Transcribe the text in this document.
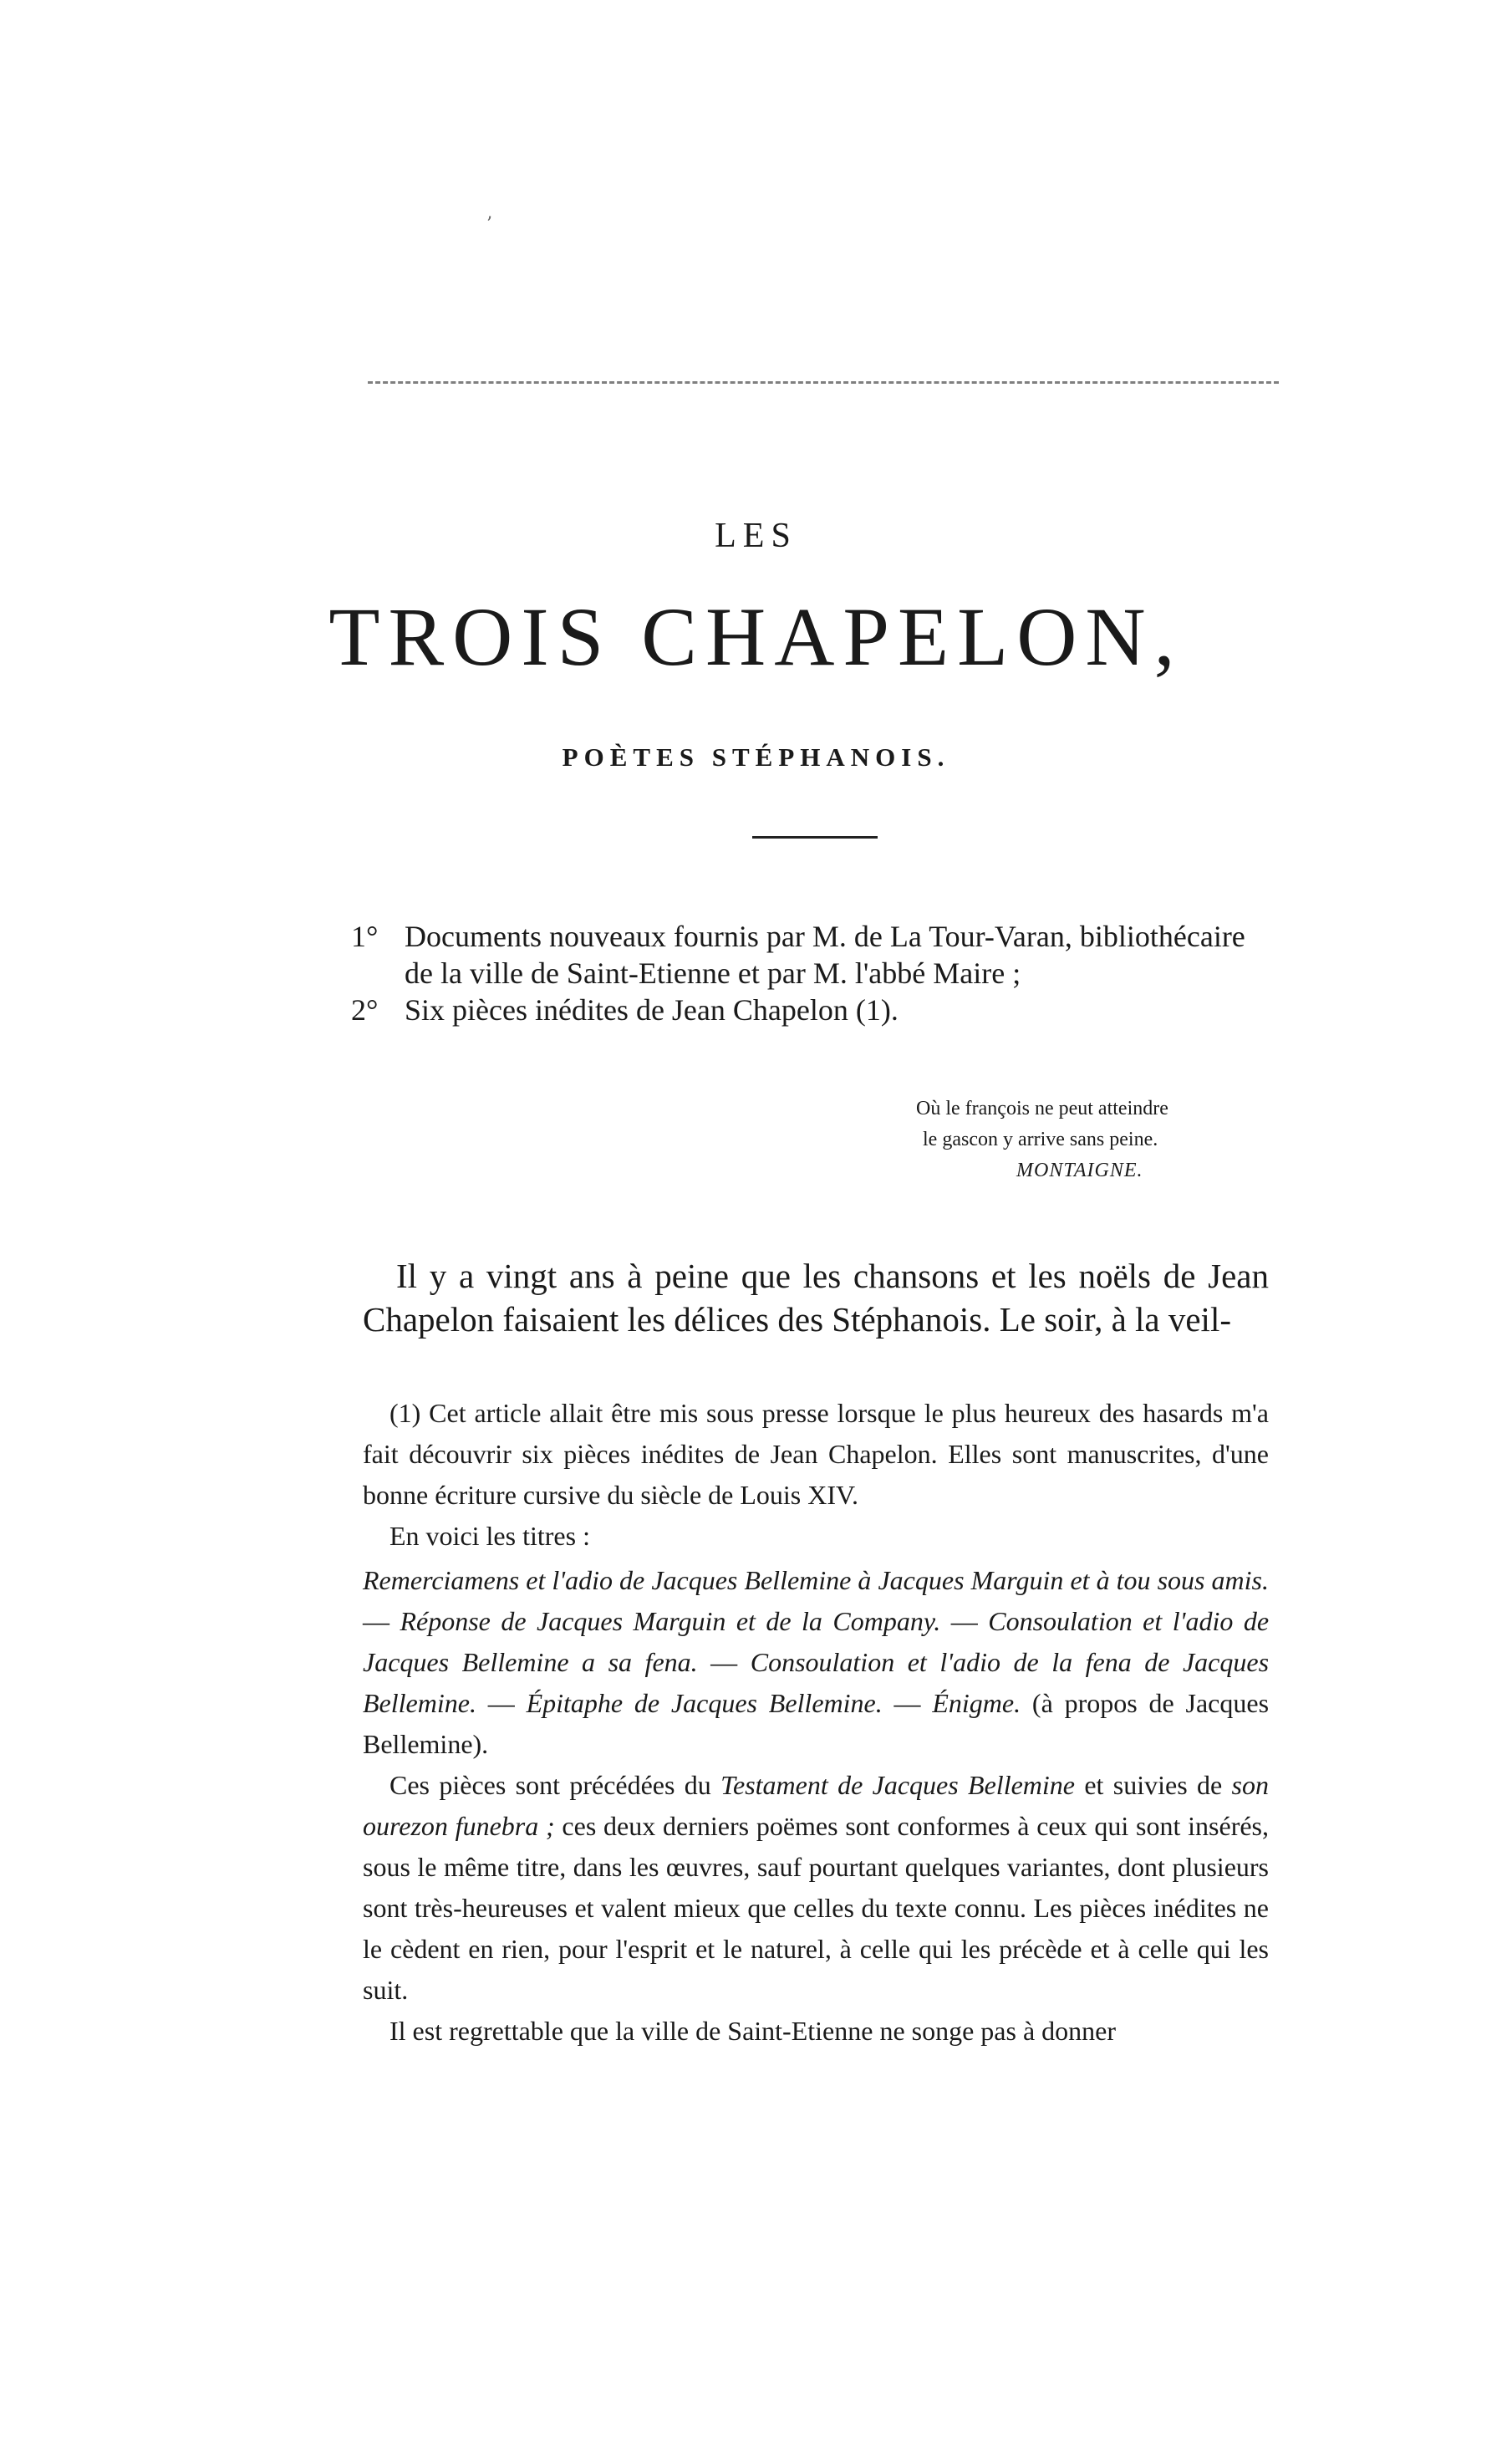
’
LES
TROIS CHAPELON,
POÈTES STÉPHANOIS.
1° Documents nouveaux fournis par M. de La Tour-Varan, bibliothécaire de la ville de Saint-Etienne et par M. l'abbé Maire ;
2° Six pièces inédites de Jean Chapelon (1).
Où le françois ne peut atteindre
le gascon y arrive sans peine.
MONTAIGNE.
Il y a vingt ans à peine que les chansons et les noëls de Jean Chapelon faisaient les délices des Stéphanois. Le soir, à la veil-

(1) Cet article allait être mis sous presse lorsque le plus heureux des hasards m'a fait découvrir six pièces inédites de Jean Chapelon. Elles sont manuscrites, d'une bonne écriture cursive du siècle de Louis XIV.

En voici les titres :

Remerciamens et l'adio de Jacques Bellemine à Jacques Marguin et à tou sous amis. — Réponse de Jacques Marguin et de la Company. — Consoulation et l'adio de Jacques Bellemine a sa fena. — Consoulation et l'adio de la fena de Jacques Bellemine. — Épitaphe de Jacques Bellemine. — Énigme. (à propos de Jacques Bellemine).

Ces pièces sont précédées du Testament de Jacques Bellemine et suivies de son ourezon funebra ; ces deux derniers poëmes sont conformes à ceux qui sont insérés, sous le même titre, dans les œuvres, sauf pourtant quelques variantes, dont plusieurs sont très-heureuses et valent mieux que celles du texte connu. Les pièces inédites ne le cèdent en rien, pour l'esprit et le naturel, à celle qui les précède et à celle qui les suit.

Il est regrettable que la ville de Saint-Etienne ne songe pas à donner
